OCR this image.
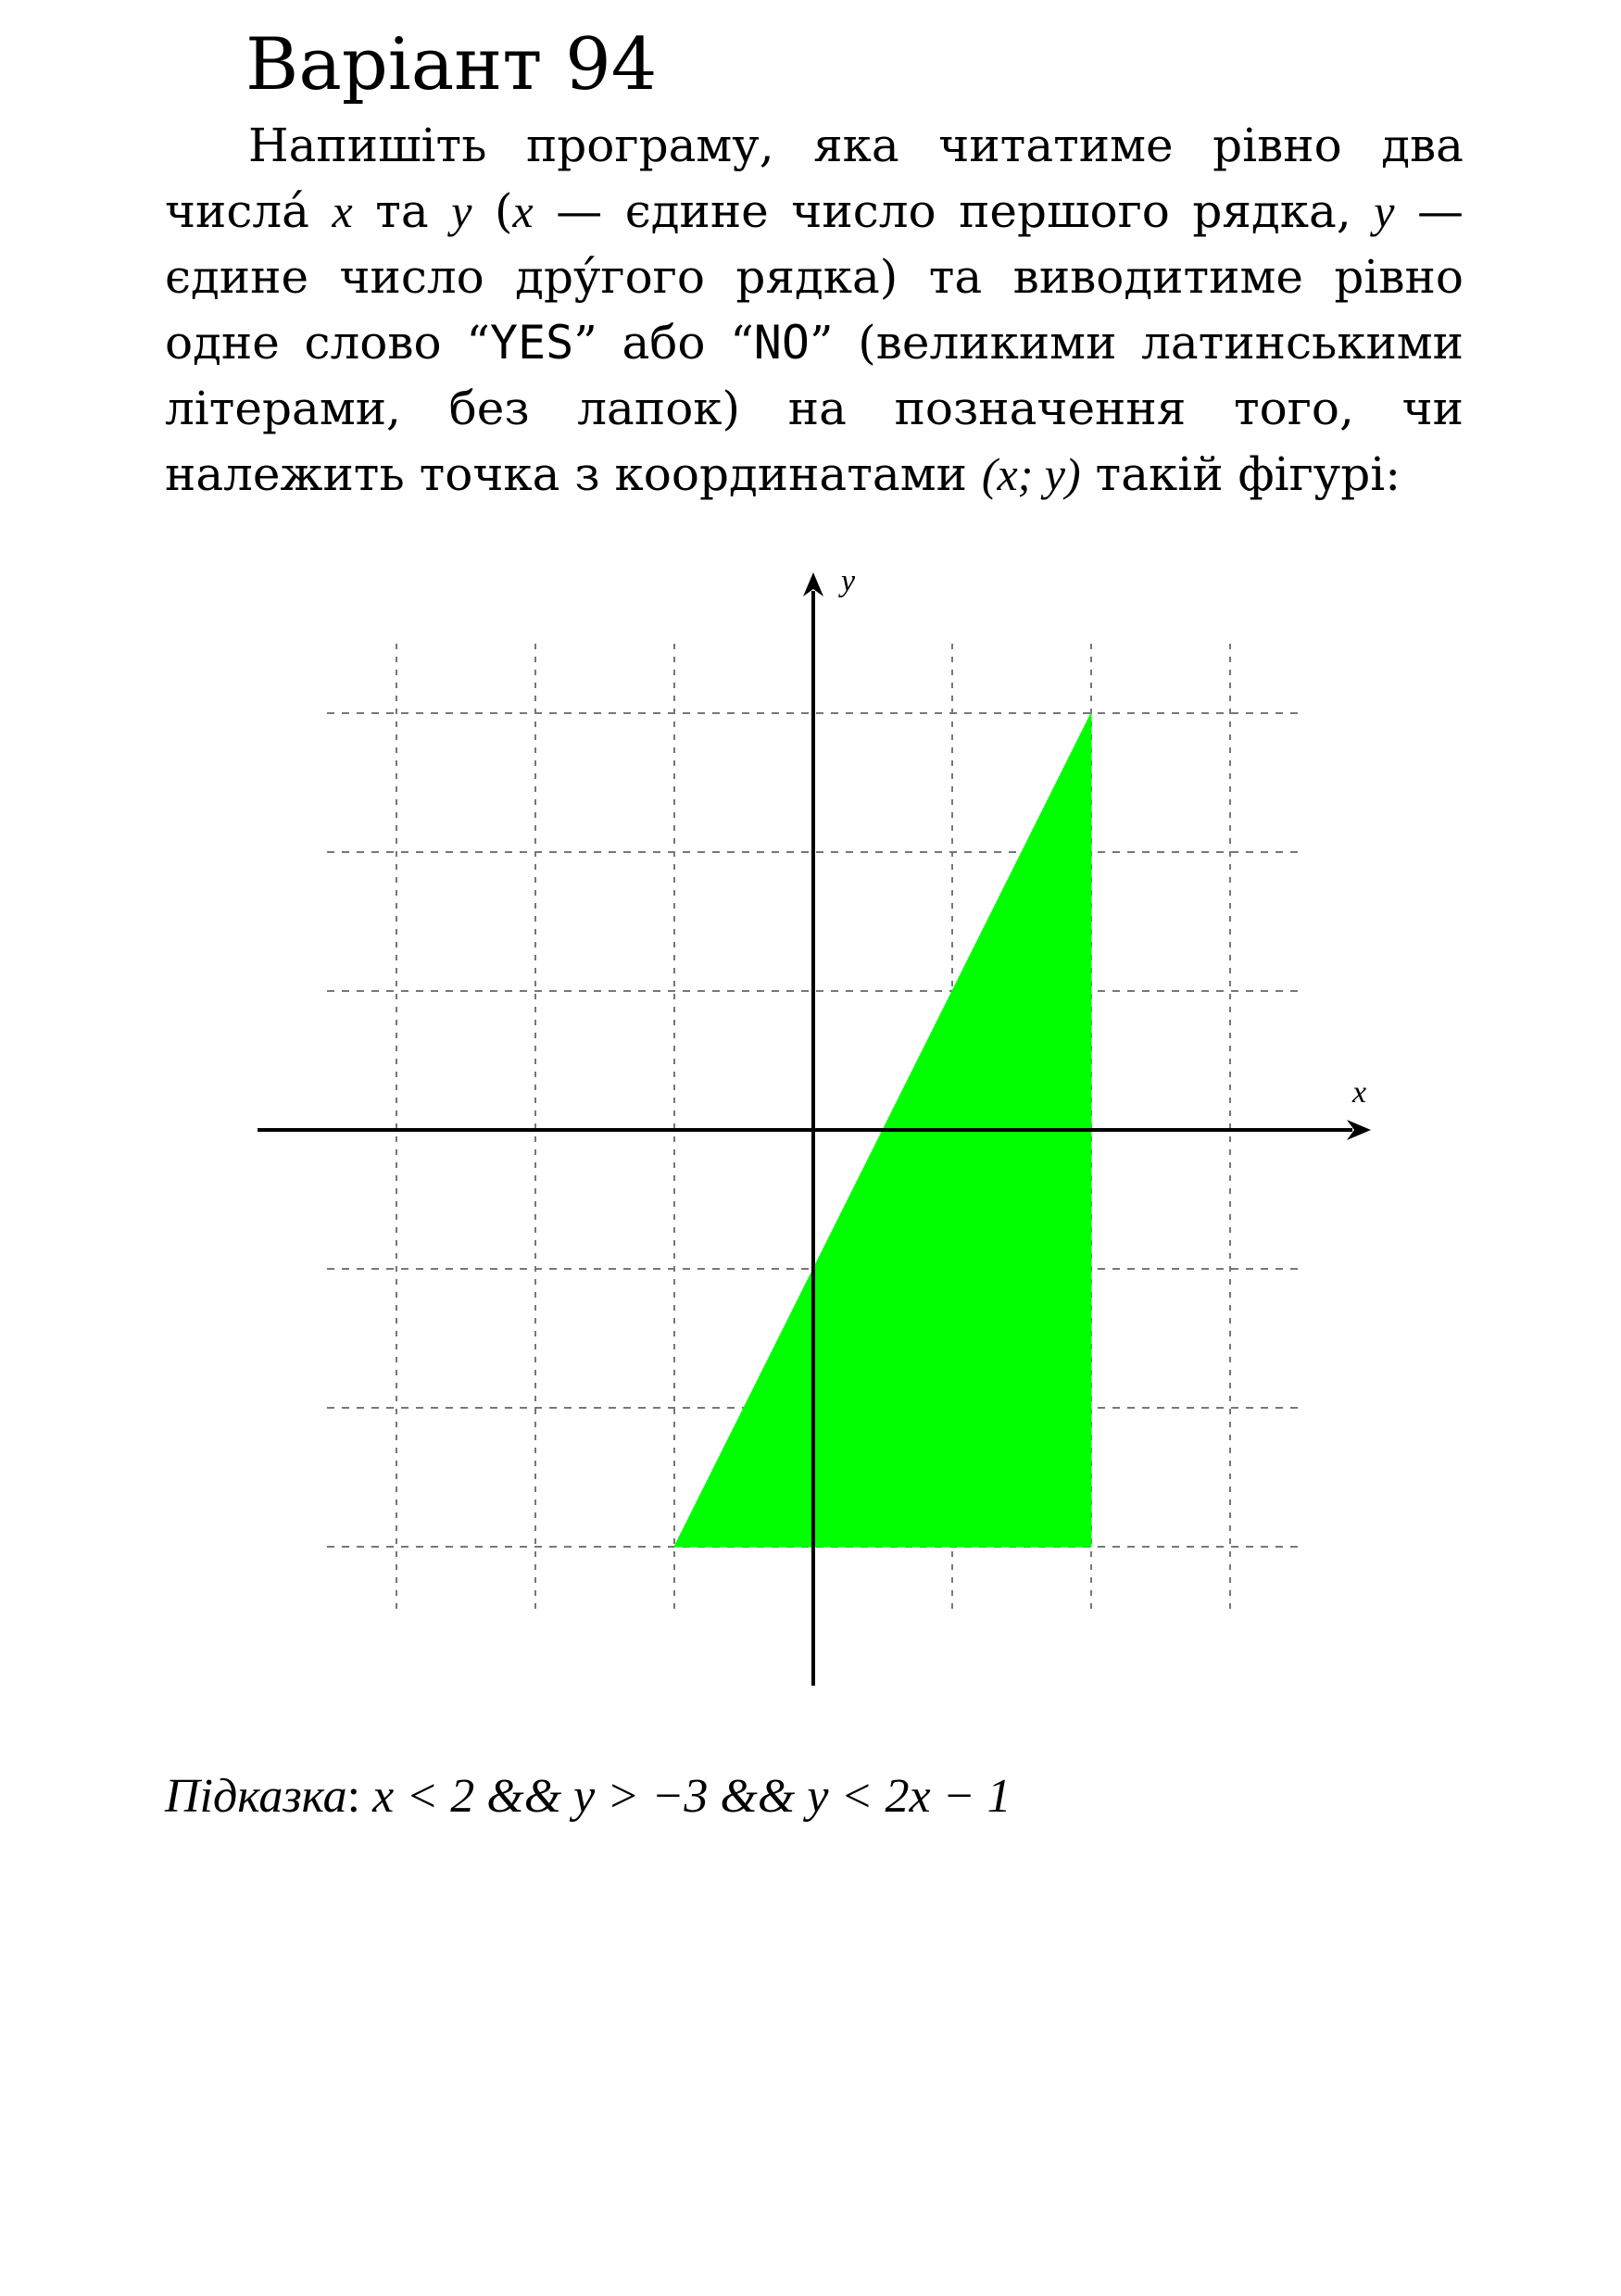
Варіант 94

Напишіть програму, яка читатиме рівно два числа́ x та y (x — єдине число першого рядка, y — єдине число дру́гого рядка) та виводитиме рівно одне слово “YES” або “NO” (великими латинськими літерами, без лапок) на позначення того, чи належить точка з координатами (x; y) такій фігурі:

x
y

Підказка: x < 2 && y > −3 && y < 2x − 1
